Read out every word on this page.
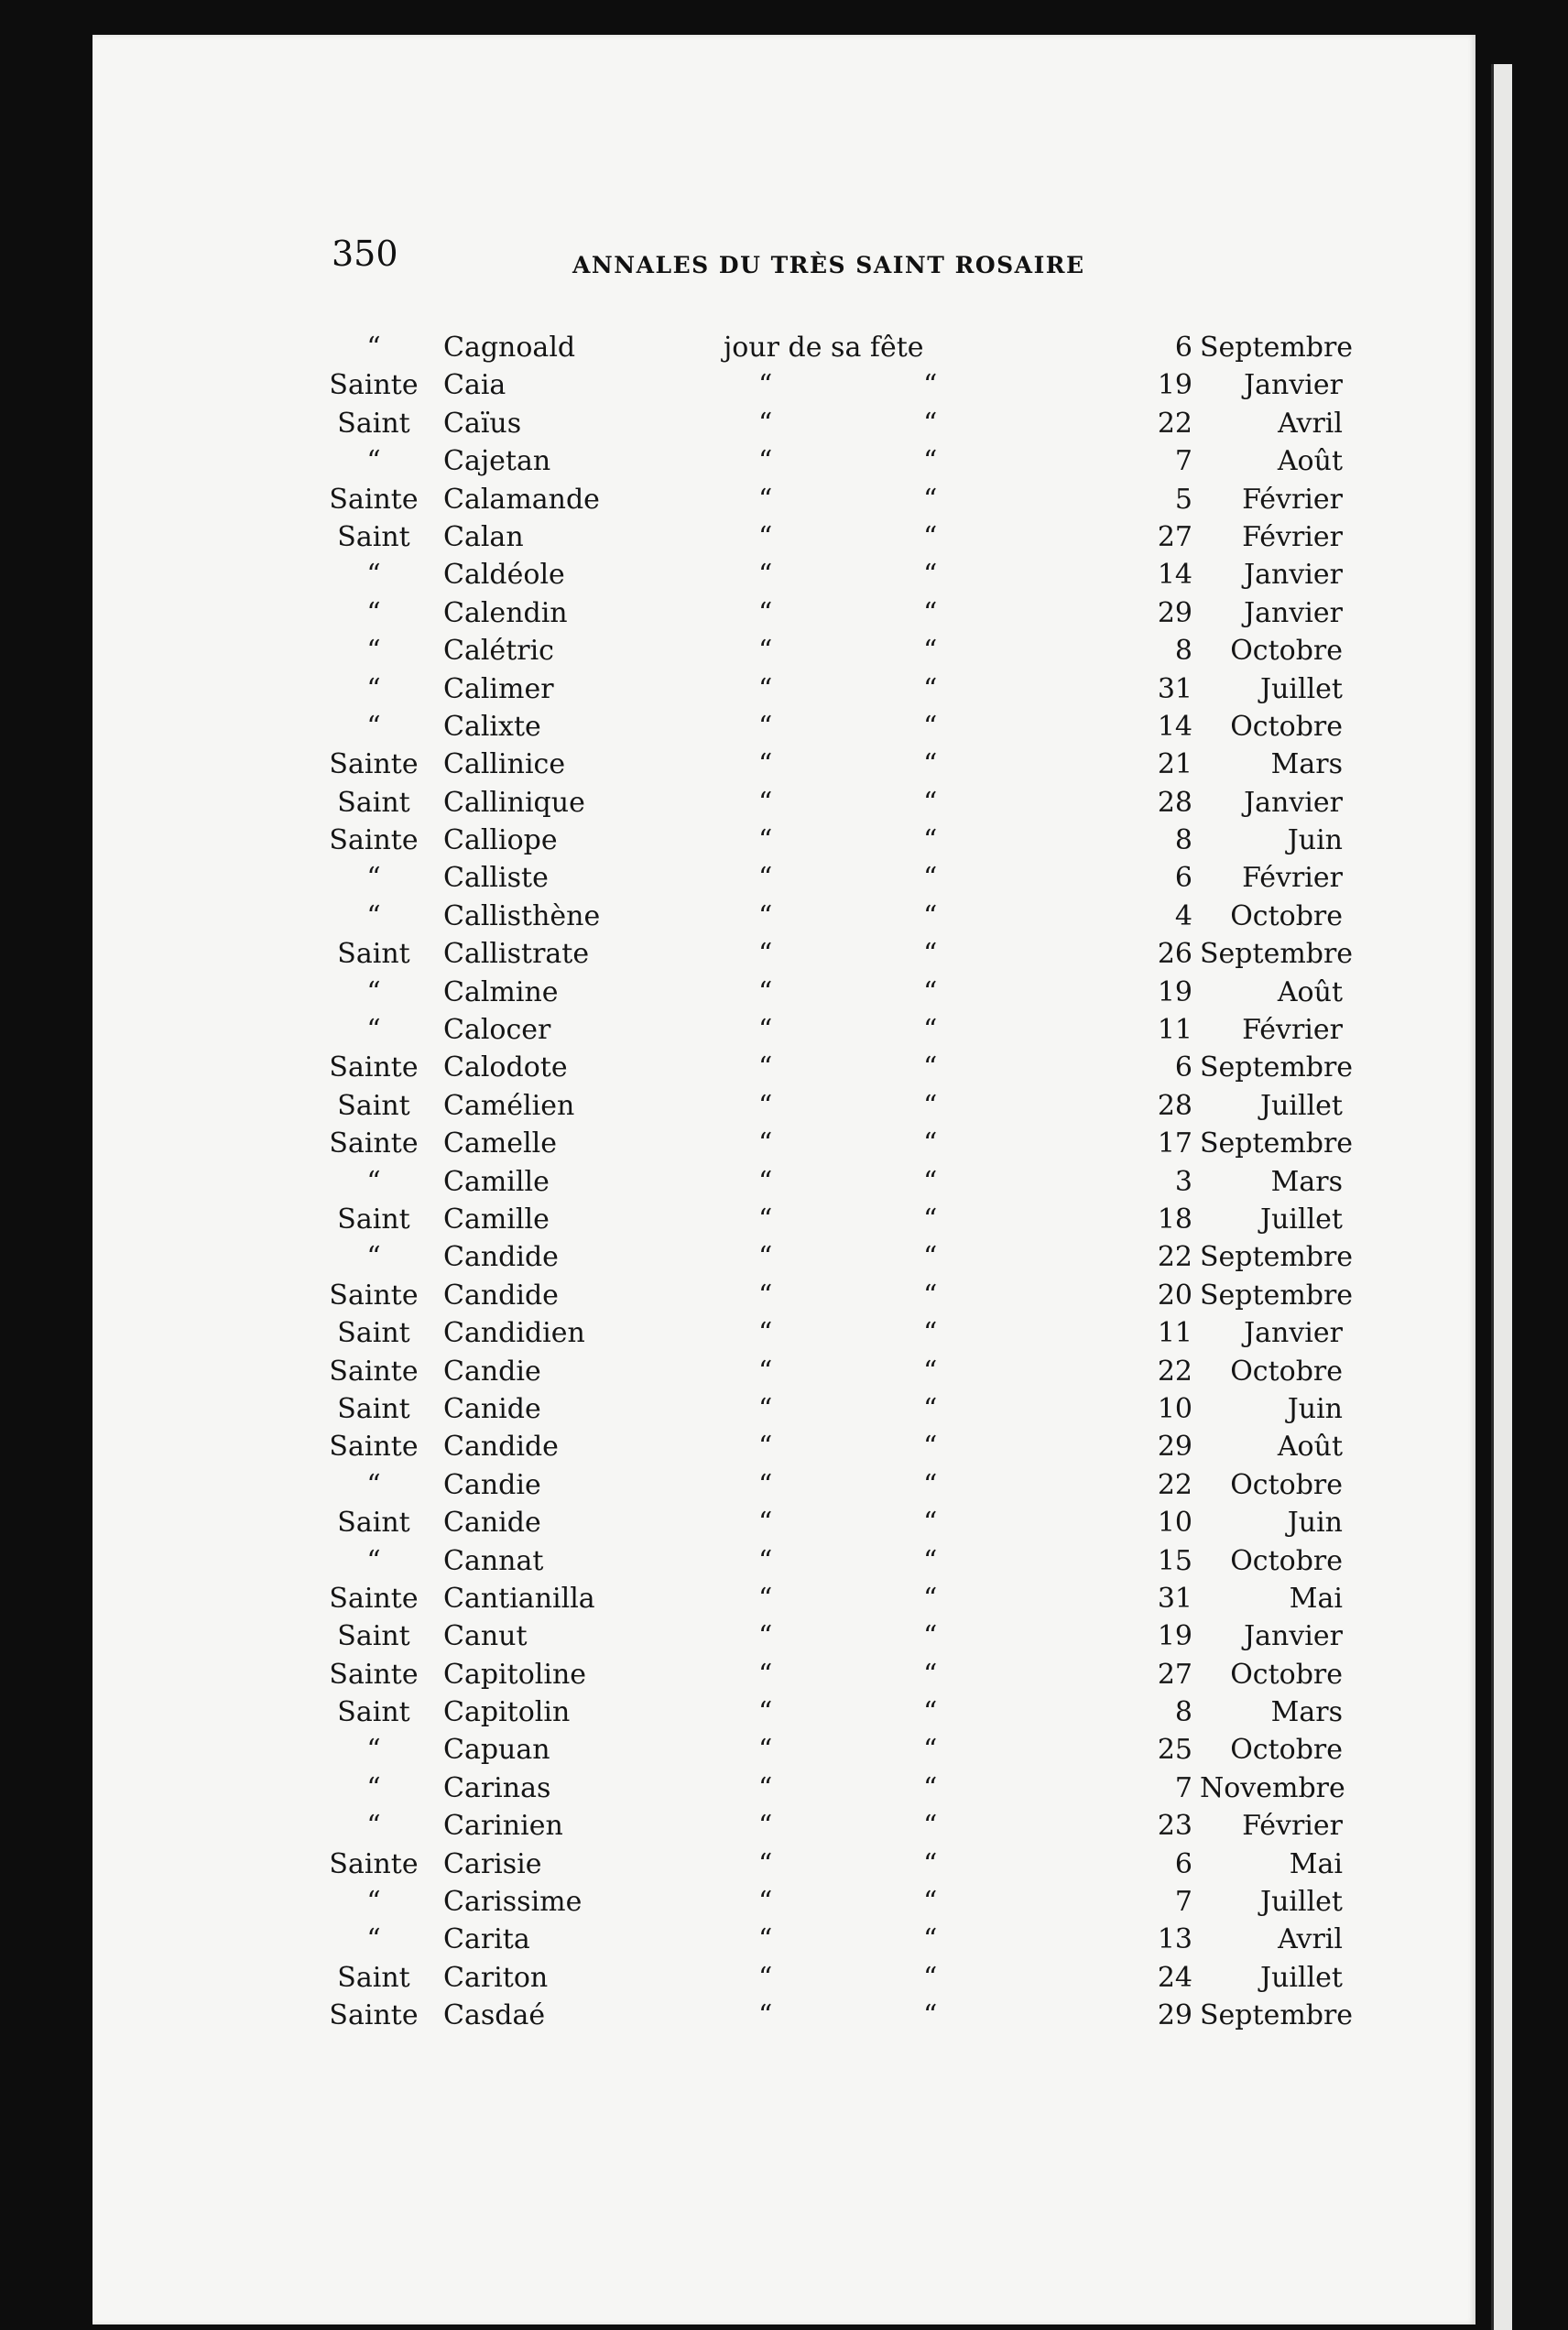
350	ANNALES DU TRÈS SAINT ROSAIRE
“	Cagnoald	jour de sa fête	6 Septembre
Sainte Caia	“	“	19	Janvier
Saint	Caïus	“	“	22	Avril
“	Cajetan	“	“	7	Août
Sainte Calamande	“	“	5	Février
Saint	Calan	“	“	27	Février
“	Caldéole	“	“	14	Janvier
“	Calendin	“	“	29	Janvier
“	Calétric	“	“	8	Octobre
“	Calimer	“	“	31	Juillet
“	Calixte	“	“	14	Octobre
Sainte Callinice	“	“	21	Mars
Saint	Callinique	“	“	28	Janvier
Sainte Calliope	“	“	8	Juin
“	Calliste	“	“	6	Février
“	Callisthène	“	“	4	Octobre
Saint	Callistrate	“	“	26 Septembre
“	Calmine	“	“	19	Août
“	Calocer	“	“	11	Février
Sainte Calodote	“	“	6 Septembre
Saint	Camélien	“	“	28	Juillet
Sainte Camelle	“	“	17 Septembre
“	Camille	“	“	3	Mars
Saint	Camille	“	“	18	Juillet
“	Candide	“	“	22 Septembre
Sainte Candide	“	“	20 Septembre
Saint	Candidien	“	“	11	Janvier
Sainte Candie	“	“	22	Octobre
Saint	Canide	“	“	10	Juin
Sainte Candide	“	“	29	Août
“	Candie	“	“	22	Octobre
Saint	Canide	“	“	10	Juin
“	Cannat	“	“	15	Octobre
Sainte Cantianilla	“	“	31	Mai
Saint	Canut	“	“	19	Janvier
Sainte Capitoline	“	“	27	Octobre
Saint	Capitolin	“	“	8	Mars
“	Capuan	“	“	25	Octobre
“	Carinas	“	“	7 Novembre
“	Carinien	“	“	23	Février
Sainte Carisie	“	“	6	Mai
“	Carissime	“	“	7	Juillet
“	Carita	“	“	13	Avril
Saint	Cariton	“	“	24	Juillet
Sainte Casdaé	“	“	29 Septembre
